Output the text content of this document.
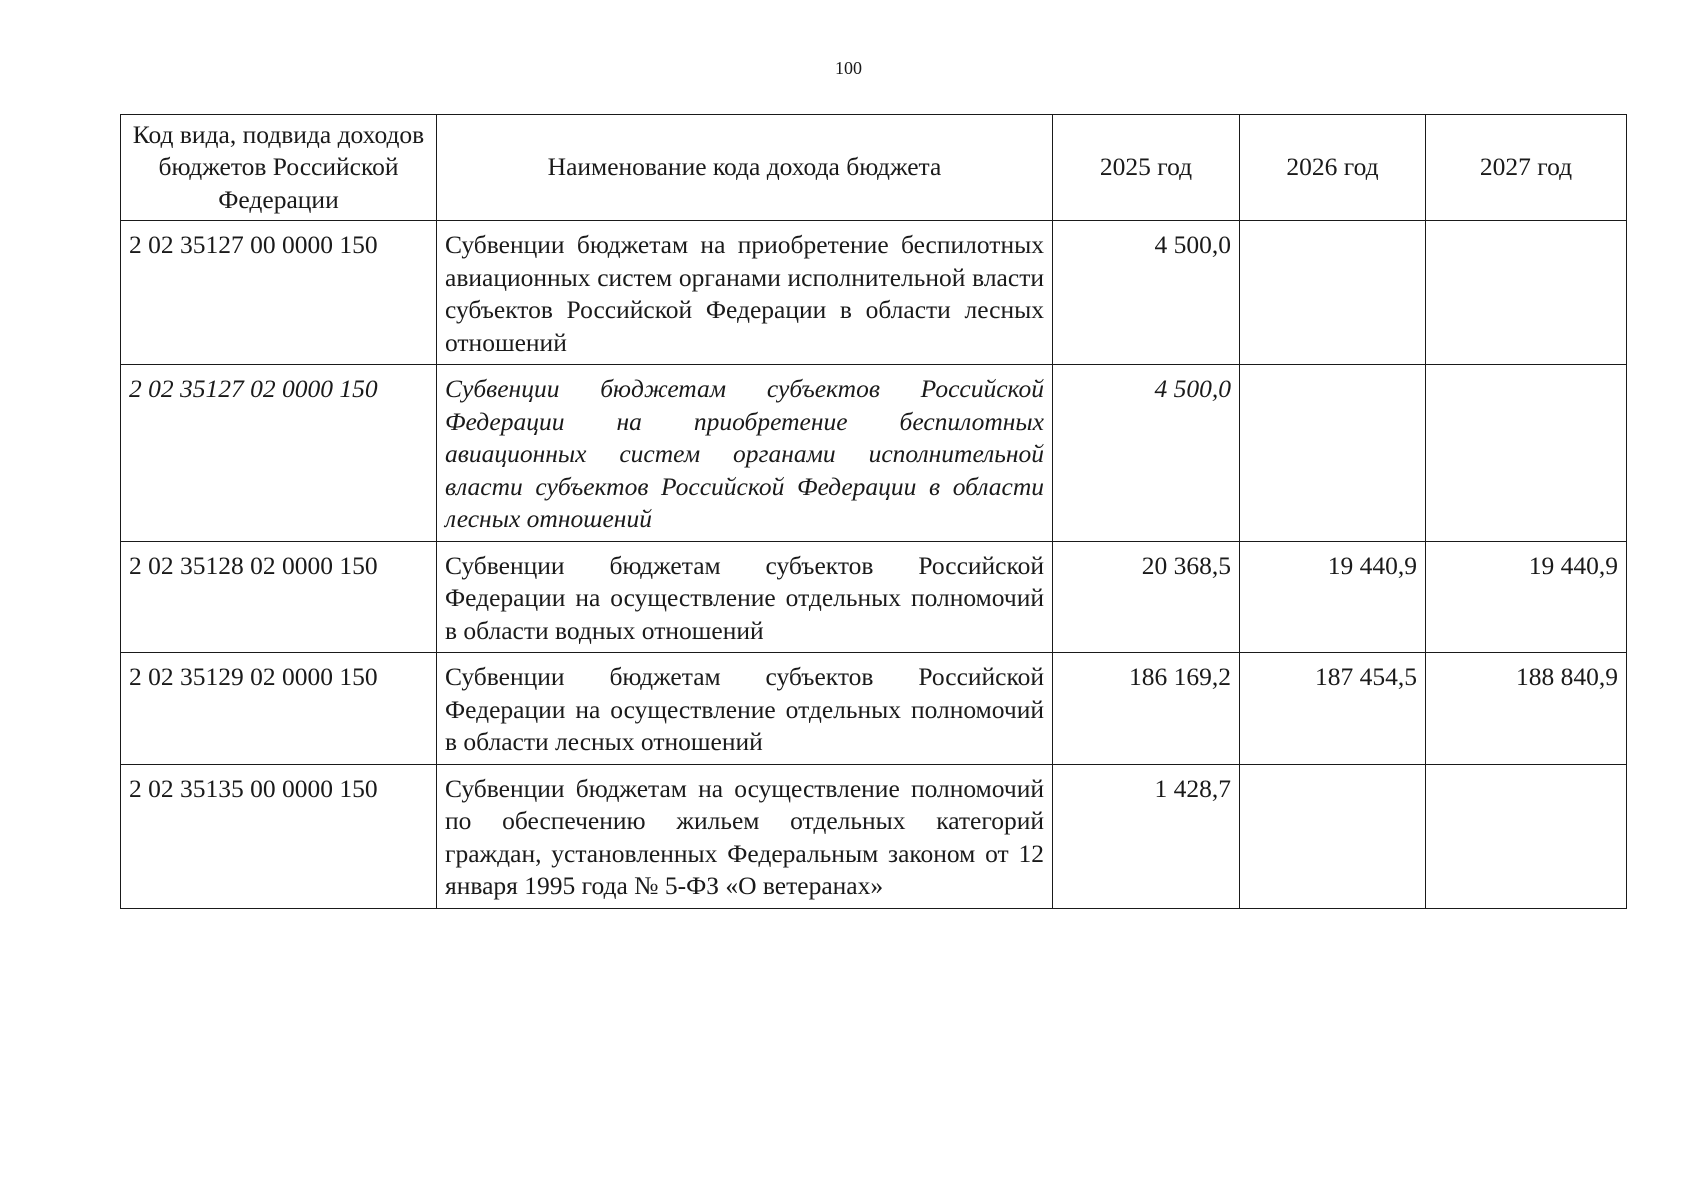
100
Код вида, подвида доходов бюджетов Российской Федерации	Наименование кода дохода бюджета	2025 год	2026 год	2027 год
2 02 35127 00 0000 150	Субвенции бюджетам на приобретение беспилотных авиационных систем органами исполнительной власти субъектов Российской Федерации в области лесных отношений	4 500,0		
2 02 35127 02 0000 150	Субвенции бюджетам субъектов Российской Федерации на приобретение беспилотных авиационных систем органами исполнительной власти субъектов Российской Федерации в области лесных отношений	4 500,0		
2 02 35128 02 0000 150	Субвенции бюджетам субъектов Российской Федерации на осуществление отдельных полномочий в области водных отношений	20 368,5	19 440,9	19 440,9
2 02 35129 02 0000 150	Субвенции бюджетам субъектов Российской Федерации на осуществление отдельных полномочий в области лесных отношений	186 169,2	187 454,5	188 840,9
2 02 35135 00 0000 150	Субвенции бюджетам на осуществление полномочий по обеспечению жильем отдельных категорий граждан, установленных Федеральным законом от 12 января 1995 года № 5-ФЗ «О ветеранах»	1 428,7		
